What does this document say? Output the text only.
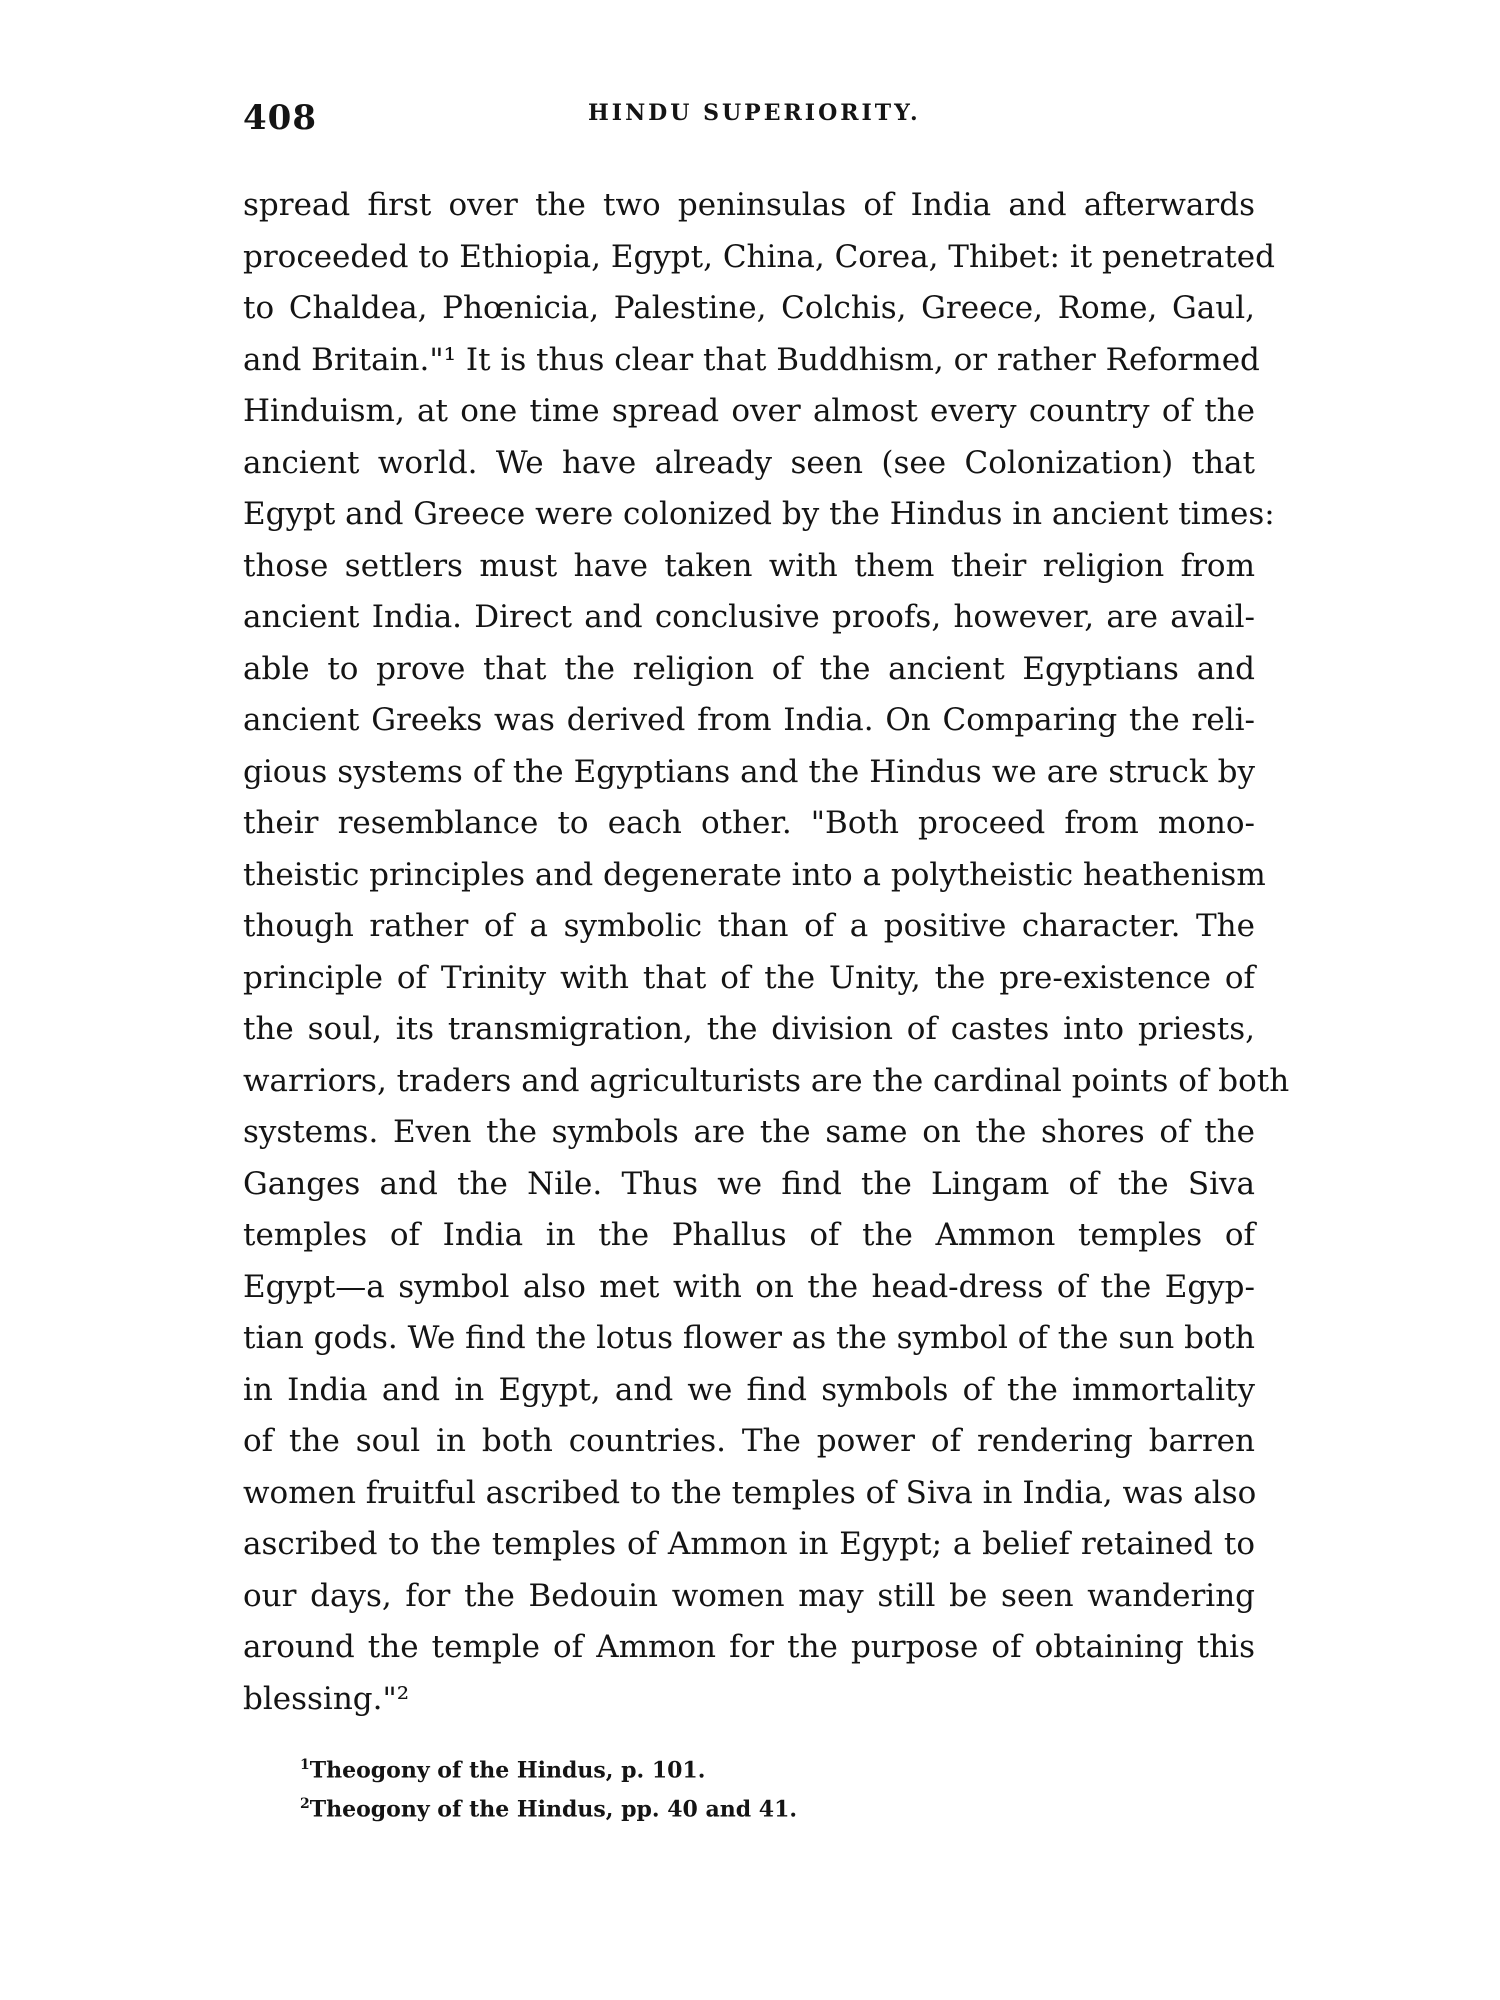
408	HINDU SUPERIORITY.
spread first over the two peninsulas of India and afterwards
proceeded to Ethiopia, Egypt, China, Corea, Thibet: it penetrated
to Chaldea, Phœnicia, Palestine, Colchis, Greece, Rome, Gaul,
and Britain."¹ It is thus clear that Buddhism, or rather Reformed
Hinduism, at one time spread over almost every country of the
ancient world. We have already seen (see Colonization) that
Egypt and Greece were colonized by the Hindus in ancient times:
those settlers must have taken with them their religion from
ancient India. Direct and conclusive proofs, however, are avail-
able to prove that the religion of the ancient Egyptians and
ancient Greeks was derived from India. On Comparing the reli-
gious systems of the Egyptians and the Hindus we are struck by
their resemblance to each other. "Both proceed from mono-
theistic principles and degenerate into a polytheistic heathenism
though rather of a symbolic than of a positive character. The
principle of Trinity with that of the Unity, the pre-existence of
the soul, its transmigration, the division of castes into priests,
warriors, traders and agriculturists are the cardinal points of both
systems. Even the symbols are the same on the shores of the
Ganges and the Nile. Thus we find the Lingam of the Siva
temples of India in the Phallus of the Ammon temples of
Egypt—a symbol also met with on the head-dress of the Egyp-
tian gods. We find the lotus flower as the symbol of the sun both
in India and in Egypt, and we find symbols of the immortality
of the soul in both countries. The power of rendering barren
women fruitful ascribed to the temples of Siva in India, was also
ascribed to the temples of Ammon in Egypt; a belief retained to
our days, for the Bedouin women may still be seen wandering
around the temple of Ammon for the purpose of obtaining this
blessing."²
$^1$Theogony of the Hindus, p. 101.
$^2$Theogony of the Hindus, pp. 40 and 41.
